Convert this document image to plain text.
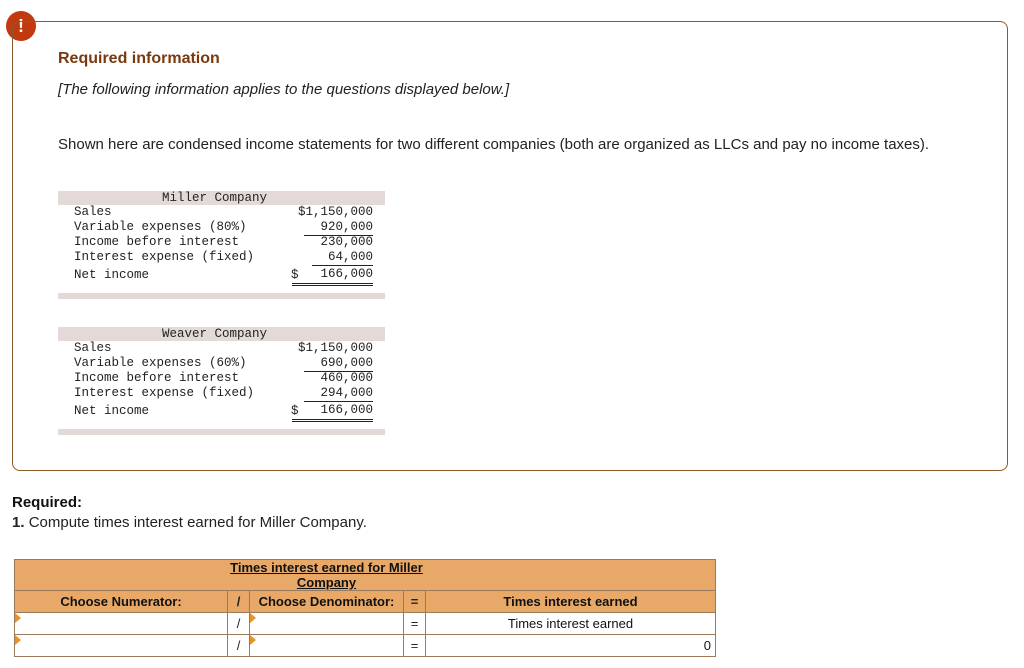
!
Required information
[The following information applies to the questions displayed below.]
Shown here are condensed income statements for two different companies (both are organized as LLCs and pay no income taxes).
Miller Company
Sales	$1,150,000
Variable expenses (80%)	920,000
Income before interest	230,000
Interest expense (fixed)	64,000
Net income	$	166,000
Weaver Company
Sales	$1,150,000
Variable expenses (60%)	690,000
Income before interest	460,000
Interest expense (fixed)	294,000
Net income	$	166,000
Required:
1. Compute times interest earned for Miller Company.
	Times interest earned for Miller Company			
Choose Numerator:	/	Choose Denominator:	=	Times interest earned
	/		=	Times interest earned
	/		=	0
